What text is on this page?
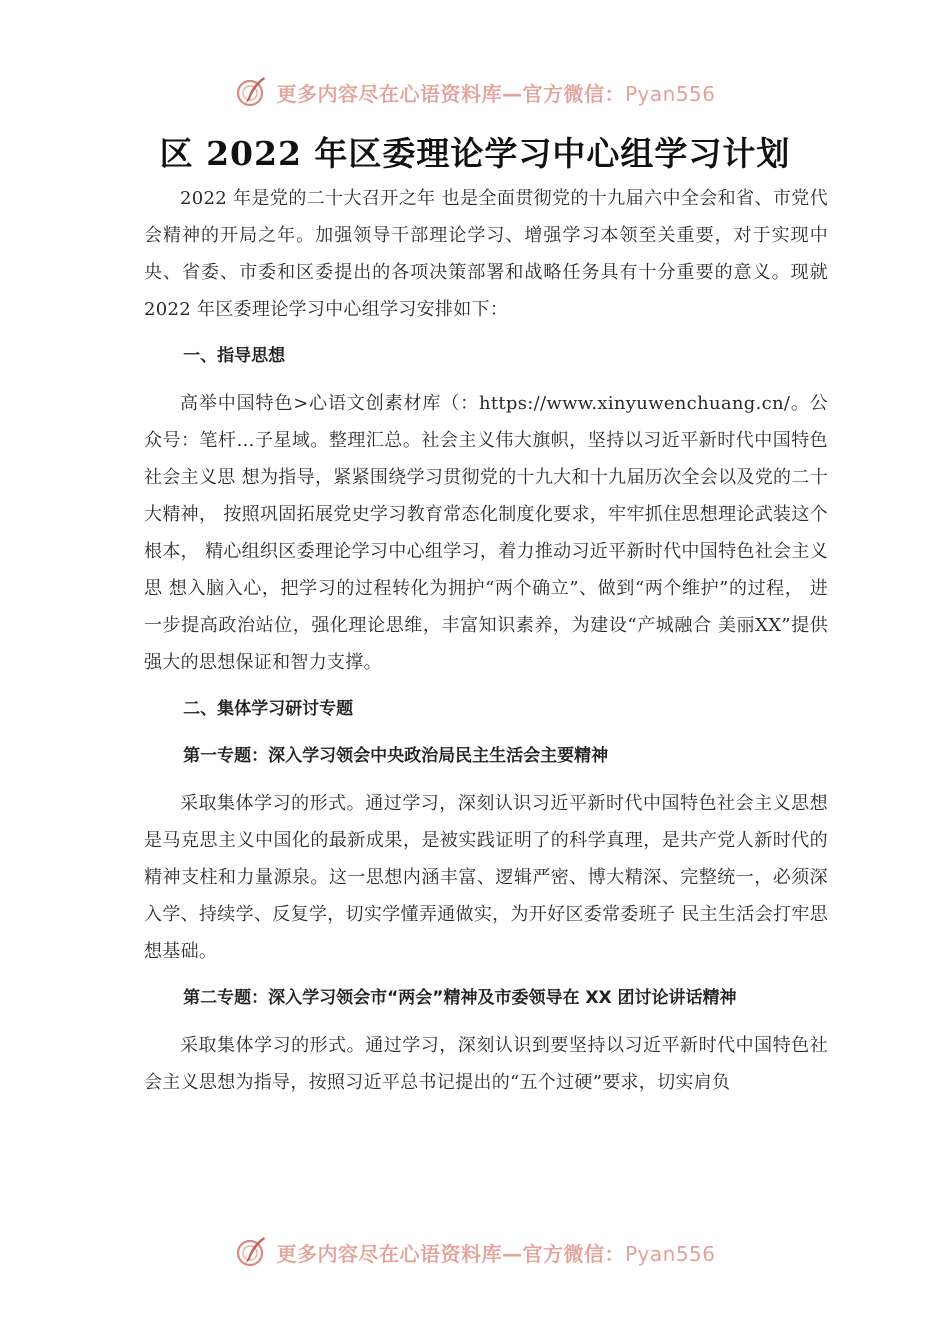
更多内容尽在心语资料库—官方微信：Pyan556
区 2022 年区委理论学习中心组学习计划

2022 年是党的二十大召开之年 也是全面贯彻党的十九届六中全会和省、市党代会精神的开局之年。加强领导干部理论学习、增强学习本领至关重要，对于实现中央、省委、市委和区委提出的各项决策部署和战略任务具有十分重要的意义。现就 2022 年区委理论学习中心组学习安排如下：

一、指导思想

高举中国特色>心语文创素材库（：https://www.xinyuwenchuang.cn/。公众号：笔杆…子星域。整理汇总。社会主义伟大旗帜，坚持以习近平新时代中国特色社会主义思 想为指导，紧紧围绕学习贯彻党的十九大和十九届历次全会以及党的二十大精神， 按照巩固拓展党史学习教育常态化制度化要求，牢牢抓住思想理论武装这个根本， 精心组织区委理论学习中心组学习，着力推动习近平新时代中国特色社会主义思 想入脑入心，把学习的过程转化为拥护“两个确立”、做到“两个维护”的过程， 进一步提高政治站位，强化理论思维，丰富知识素养，为建设“产城融合 美丽XX”提供强大的思想保证和智力支撑。

二、集体学习研讨专题

第一专题：深入学习领会中央政治局民主生活会主要精神

采取集体学习的形式。通过学习，深刻认识习近平新时代中国特色社会主义思想是马克思主义中国化的最新成果，是被实践证明了的科学真理，是共产党人新时代的精神支柱和力量源泉。这一思想内涵丰富、逻辑严密、博大精深、完整统一，必须深入学、持续学、反复学，切实学懂弄通做实，为开好区委常委班子 民主生活会打牢思想基础。

第二专题：深入学习领会市“两会”精神及市委领导在 XX 团讨论讲话精神

采取集体学习的形式。通过学习，深刻认识到要坚持以习近平新时代中国特色社会主义思想为指导，按照习近平总书记提出的“五个过硬”要求，切实肩负

更多内容尽在心语资料库—官方微信：Pyan556
